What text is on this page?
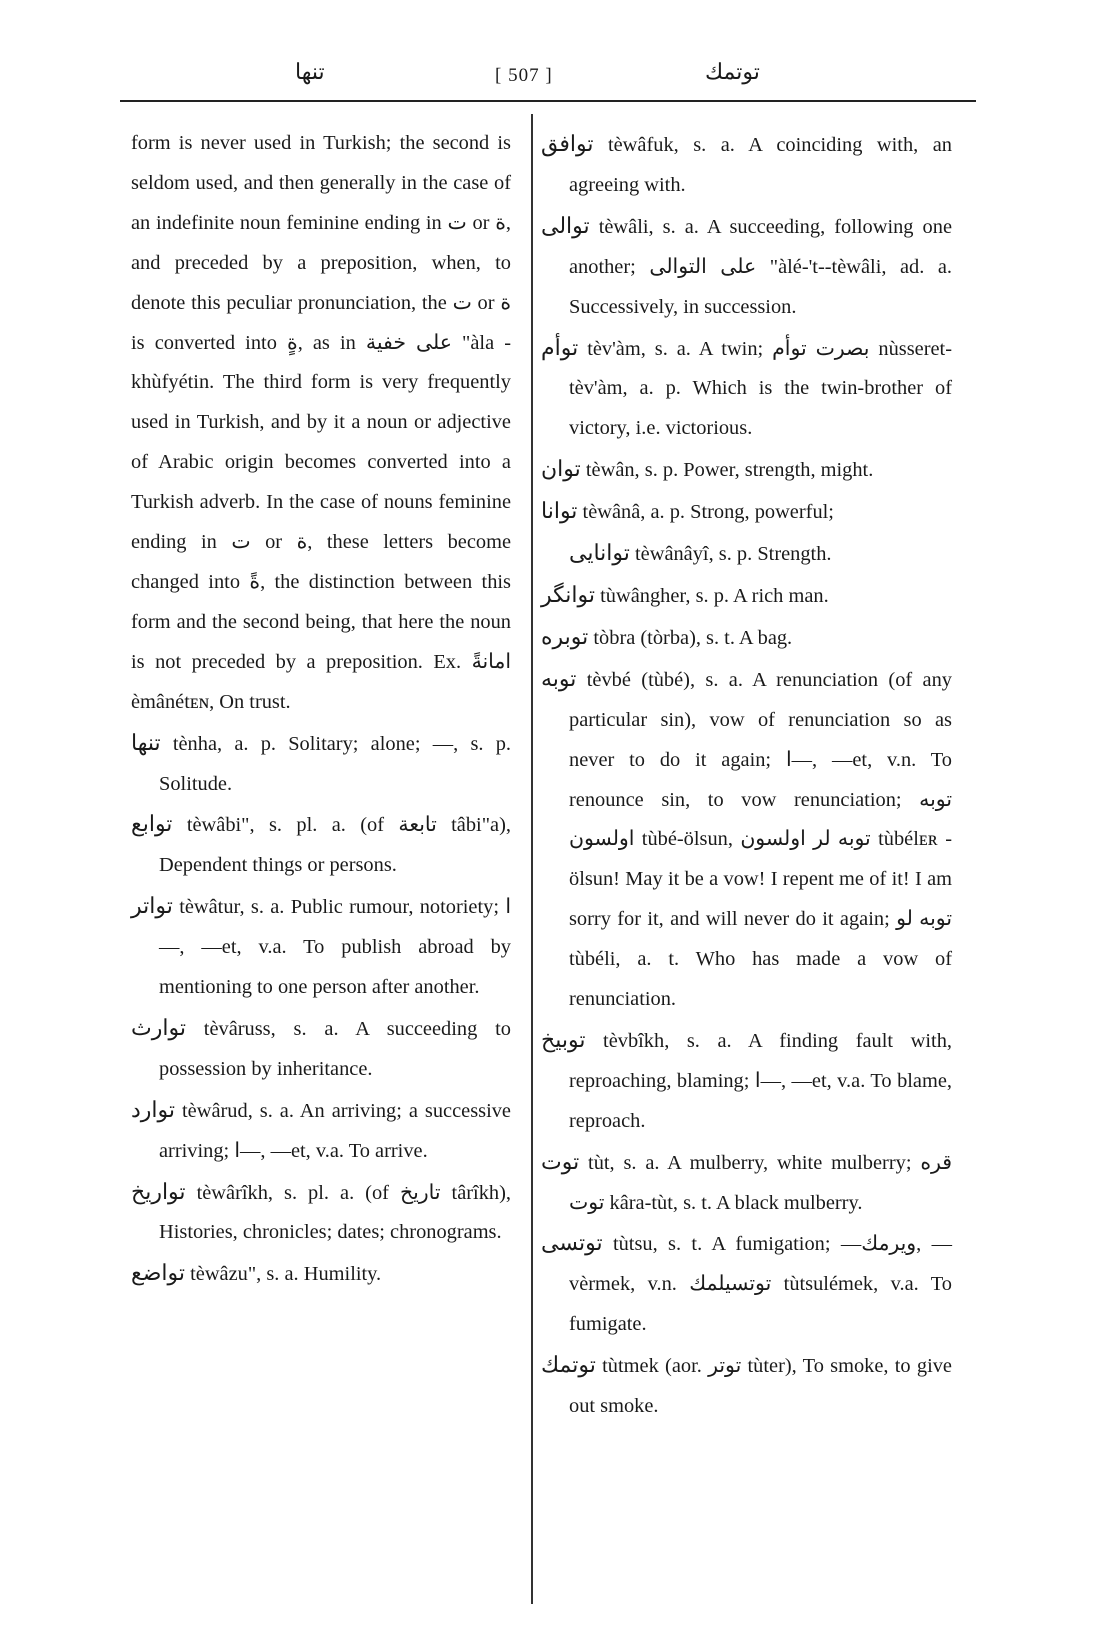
تنها	[ 507 ]	توتمك

form is never used in Turkish; the second is seldom used, and then generally in the case of an indefinite noun feminine ending in ت or ة, and preceded by a preposition, when, to denote this peculiar pronunciation, the ت or ة is converted into ةٍ, as in علی خفیة "àla - khùfyétin. The third form is very frequently used in Turkish, and by it a noun or adjective of Arabic origin becomes converted into a Turkish adverb. In the case of nouns feminine ending in ت or ة, these letters become changed into ةً, the distinction between this form and the second being, that here the noun is not preceded by a preposition. Ex. امانةً èmânétᴇɴ, On trust.

تنها tènha, a. p. Solitary; alone; —, s. p. Solitude.

توابع tèwâbi", s. pl. a. (of تابعة tâbi"a), Dependent things or persons.

تواتر tèwâtur, s. a. Public rumour, notoriety; ا—, —et, v.a. To publish abroad by mentioning to one person after another.

توارث tèvâruss, s. a. A succeeding to possession by inheritance.

توارد tèwârud, s. a. An arriving; a successive arriving; ا—, —et, v.a. To arrive.

تواريخ tèwârîkh, s. pl. a. (of تاريخ târîkh), Histories, chronicles; dates; chronograms.

تواضع tèwâzu", s. a. Humility.

توافق tèwâfuk, s. a. A coinciding with, an agreeing with.

توالی tèwâli, s. a. A succeeding, following one another; علی التوالی "àlé-'t--tèwâli, ad. a. Successively, in succession.

توأم tèv'àm, s. a. A twin; بصرت توأم nùsseret-tèv'àm, a. p. Which is the twin-brother of victory, i.e. victorious.

توان tèwân, s. p. Power, strength, might.

توانا tèwânâ, a. p. Strong, powerful;

توانایی tèwânâyî, s. p. Strength.

توانگر tùwângher, s. p. A rich man.

توبره tòbra (tòrba), s. t. A bag.

توبه tèvbé (tùbé), s. a. A renunciation (of any particular sin), vow of renunciation so as never to do it again; ا—, —et, v.n. To renounce sin, to vow renunciation; توبه اولسون tùbé-ölsun, توبه لر اولسون tùbélᴇʀ - ölsun! May it be a vow! I repent me of it! I am sorry for it, and will never do it again; توبه لو tùbéli, a. t. Who has made a vow of renunciation.

توبیخ tèvbîkh, s. a. A finding fault with, reproaching, blaming; ا—, —et, v.a. To blame, reproach.

توت tùt, s. a. A mulberry, white mulberry; قره توت kâra-tùt, s. t. A black mulberry.

توتسی tùtsu, s. t. A fumigation; —ويرمك, —vèrmek, v.n. توتسيلمك tùtsulémek, v.a. To fumigate.

توتمك tùtmek (aor. توتر tùter), To smoke, to give out smoke.
